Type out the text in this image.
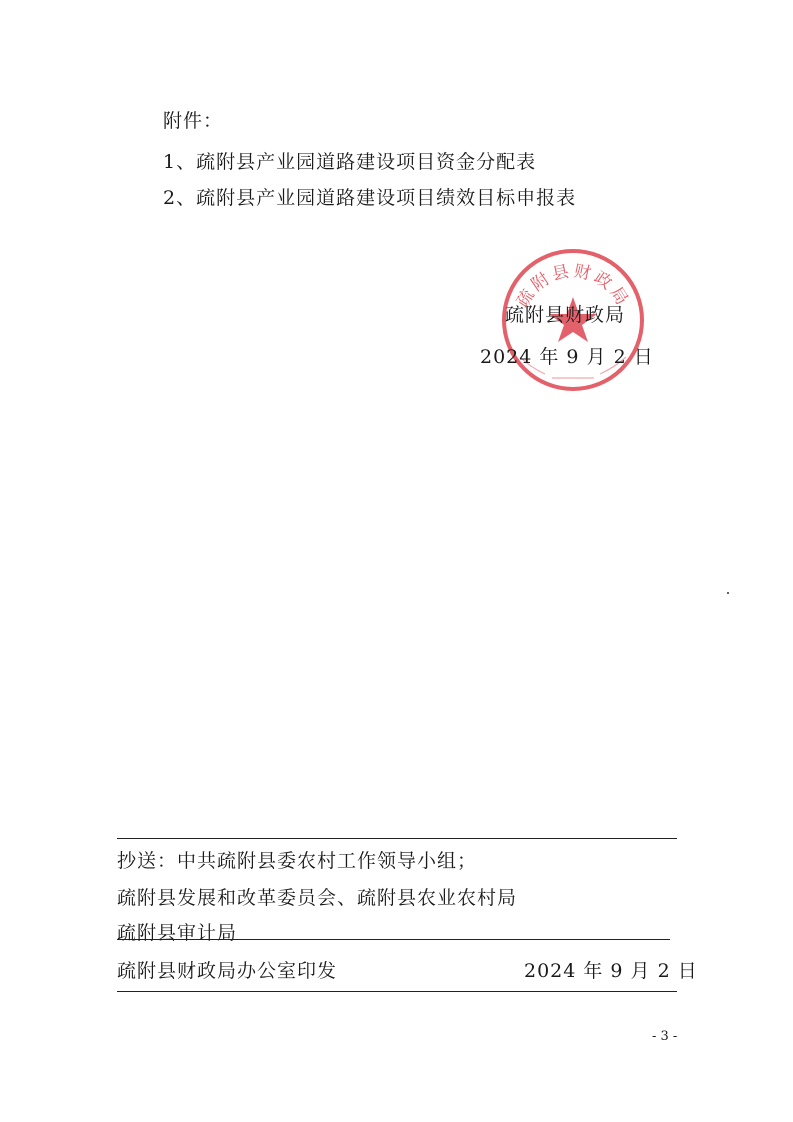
附件：
1、疏附县产业园道路建设项目资金分配表
2、疏附县产业园道路建设项目绩效目标申报表
疏附县财政局
疏附县财政局
2024 年 9 月 2 日
抄送：中共疏附县委农村工作领导小组；
疏附县发展和改革委员会、疏附县农业农村局
疏附县审计局
疏附县财政局办公室印发	2024 年 9 月 2 日
- 3 -
